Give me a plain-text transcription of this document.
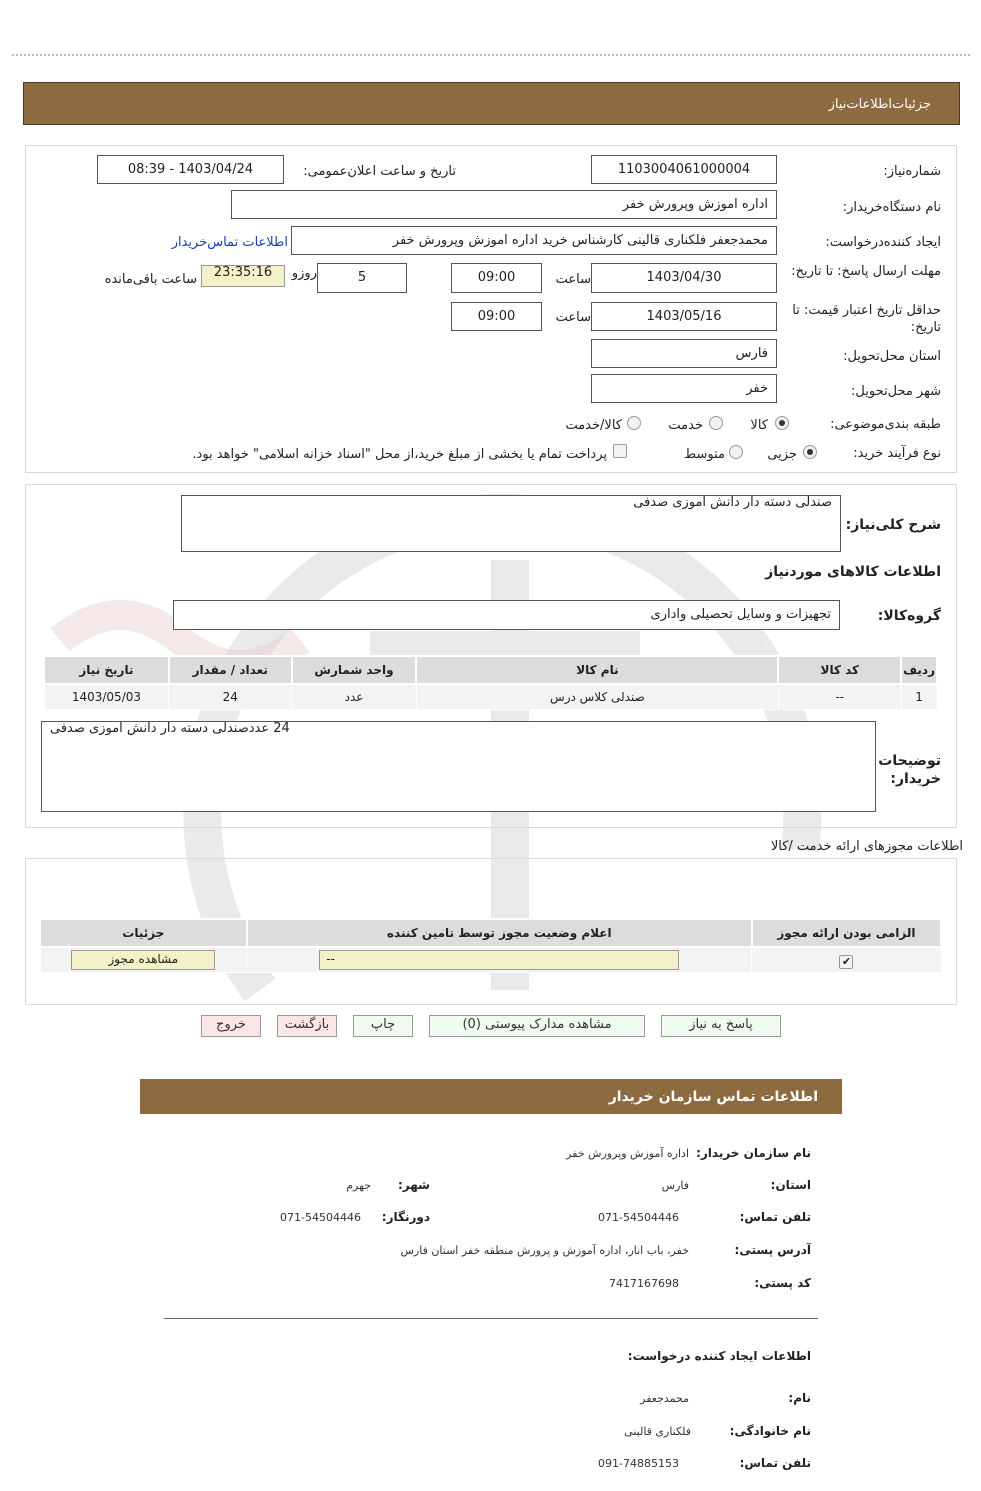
جزئیات‌اطلاعات‌نیاز
شماره‌نیاز:
1103004061000004
تاریخ و ساعت اعلان‌عمومی:
1403/04/24 - 08:39
نام دستگاه‌خریدار:
اداره اموزش وپرورش خفر
ایجاد کننده‌درخواست:
محمدجعفر فلکناری قالینی کارشناس خرید اداره اموزش وپرورش خفر
اطلاعات تماس‌خریدار
مهلت ارسال پاسخ: تا تاریخ:
1403/04/30
ساعت
09:00
5
روزو
23:35:16
ساعت باقی‌مانده
حداقل تاریخ اعتبار قیمت: تا تاریخ:
1403/05/16
ساعت
09:00
استان محل‌تحویل:
فارس
شهر محل‌تحویل:
خفر
طبقه بندی‌موضوعی:
کالا
خدمت
کالا/خدمت
نوع فرآیند خرید:
جزیی
متوسط
پرداخت تمام یا بخشی از مبلغ خرید،از محل "اسناد خزانه اسلامی" خواهد بود.
شرح کلی‌نیاز:
صندلی دسته دار دانش اموزی صدفی
اطلاعات کالاهای مورد‌نیاز
گروه‌کالا:
تجهیزات و وسایل تحصیلی واداری
ردیف	کد کالا	نام کالا	واحد شمارش	تعداد / مقدار	تاریخ نیاز
1	--	صندلی کلاس درس	عدد	24	1403/05/03
توضیحات خریدار:
24 عددصندلی دسته دار دانش اموزی صدفی
اطلاعات مجوزهای ارائه خدمت /کالا
الزامی بودن ارائه مجوز	اعلام وضعیت مجوز توسط تامین کننده	جزئیات
✔	--	مشاهده مجوز
پاسخ به نیاز
مشاهده مدارک پیوستی (0)
چاپ
بازگشت
خروج
اطلاعات تماس سازمان خریدار
نام سازمان خریدار:
اداره آموزش وپرورش خفر
استان:
فارس
شهر:
جهرم
تلفن تماس:
071-54504446
دورنگار:
071-54504446
آدرس پستی:
خفر، باب انار، اداره آموزش و پرورش منطقه خفر استان فارس
کد پستی:
7417167698
اطلاعات ایجاد کننده درخواست:
نام:
محمدجعفر
نام خانوادگی:
فلکناری قالینی
تلفن تماس:
091-74885153
